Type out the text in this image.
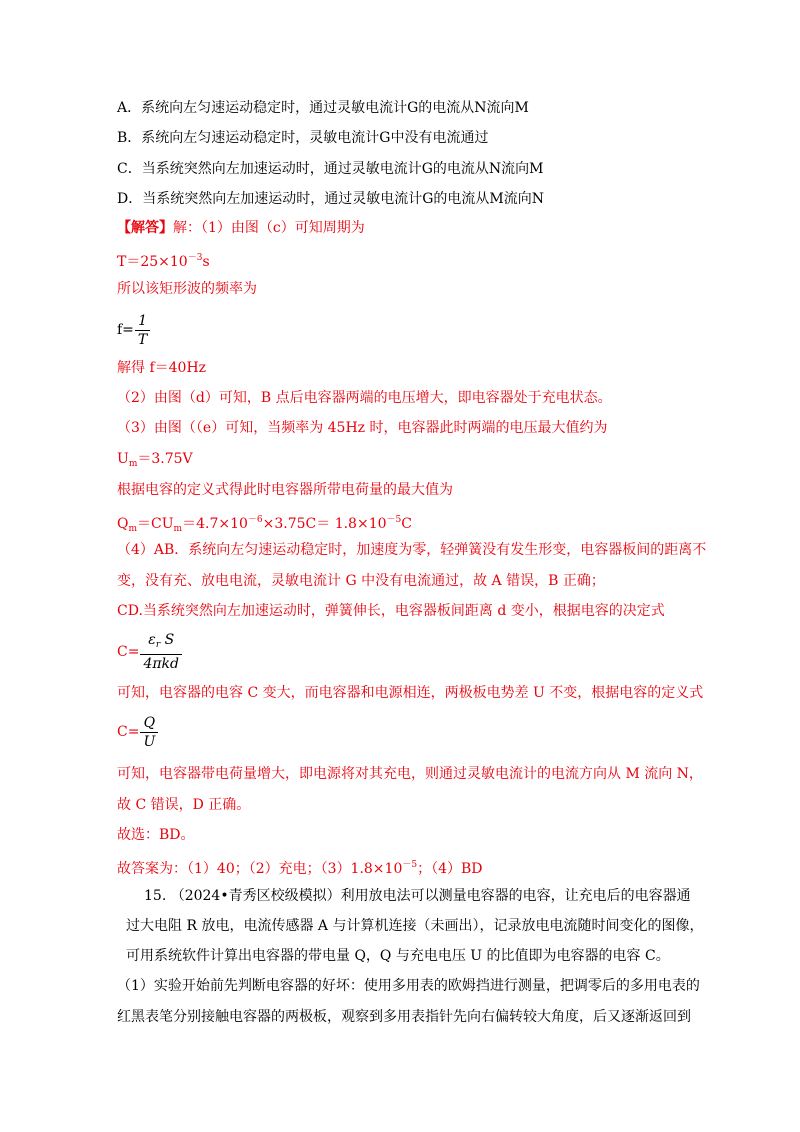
A．系统向左匀速运动稳定时，通过灵敏电流计G的电流从N流向M
B．系统向左匀速运动稳定时，灵敏电流计G中没有电流通过
C．当系统突然向左加速运动时，通过灵敏电流计G的电流从N流向M
D．当系统突然向左加速运动时，通过灵敏电流计G的电流从M流向N
【解答】解：（1）由图（c）可知周期为
$T=25\times 10^{-3}s$
所以该矩形波的频率为
$f= \frac{1}{T}$
解得 f＝40Hz
（2）由图（d）可知，B 点后电容器两端的电压增大，即电容器处于充电状态。
（3）由图（（e）可知，当频率为 45Hz 时，电容器此时两端的电压最大值约为
$U_m=3.75V$
根据电容的定义式得此时电容器所带电荷量的最大值为
$Q_m=CU_m=4.7\times 10^{-6}\times 3.75C= 1.8\times 10^{-5}C$
（4）AB．系统向左匀速运动稳定时，加速度为零，轻弹簧没有发生形变，电容器板间的距离不
变，没有充、放电电流，灵敏电流计 G 中没有电流通过，故 A 错误，B 正确；
CD.当系统突然向左加速运动时，弹簧伸长，电容器板间距离 d 变小，根据电容的决定式
$C= \frac{\varepsilon_r S}{\text{4πkd}}$
可知，电容器的电容 C 变大，而电容器和电源相连，两极板电势差 U 不变，根据电容的定义式
$C= \frac{Q}{U}$
可知，电容器带电荷量增大，即电源将对其充电，则通过灵敏电流计的电流方向从 M 流向 N，
故 C 错误，D 正确。
故选：BD。
故答案为：（1）40；（2）充电；$(3)1.8\times 10^{-5}$；（4）BD
15. （2024•青秀区校级模拟）利用放电法可以测量电容器的电容，让充电后的电容器通
过大电阻 R 放电，电流传感器 A 与计算机连接（未画出），记录放电电流随时间变化的图像，
可用系统软件计算出电容器的带电量 Q，Q 与充电电压 U 的比值即为电容器的电容 C。
（1）实验开始前先判断电容器的好坏：使用多用表的欧姆挡进行测量，把调零后的多用电表的
红黑表笔分别接触电容器的两极板，观察到多用表指针先向右偏转较大角度，后又逐渐返回到
